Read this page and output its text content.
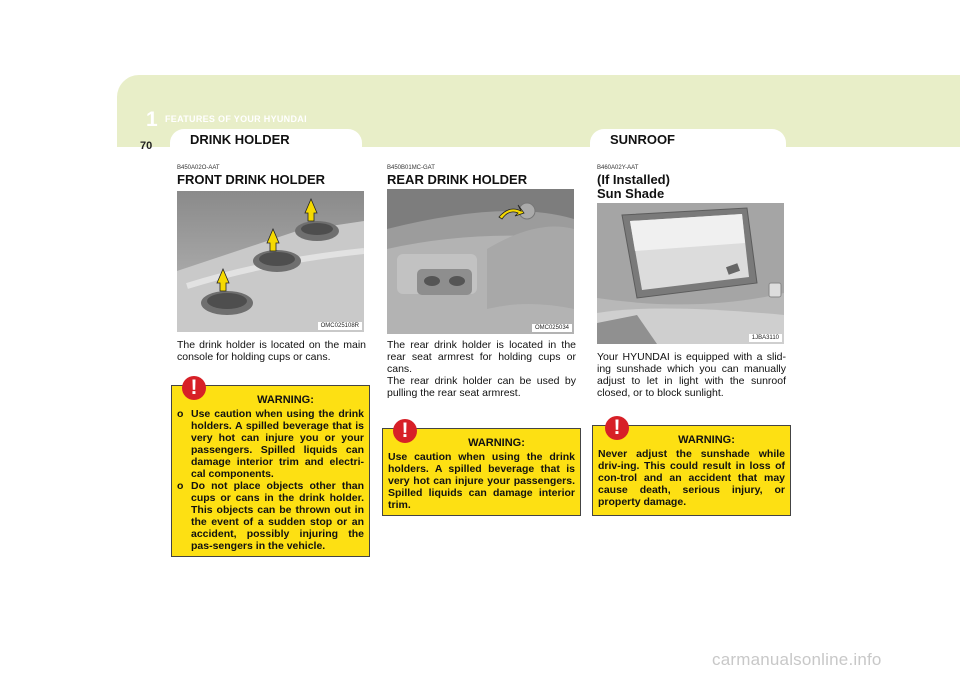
1 FEATURES OF YOUR HYUNDAI
70	DRINK HOLDER	SUNROOF
B450A02O-AAT
FRONT DRINK HOLDER
OMC025108R

The drink holder is located on the main console for holding cups or cans.

!
WARNING:
o Use caution when using the drink holders. A spilled beverage that is very hot can injure you or your passengers. Spilled liquids can damage interior trim and electri-cal components.
o Do not place objects other than cups or cans in the drink holder. This objects can be thrown out in the event of a sudden stop or an accident, possibly injuring the pas-sengers in the vehicle.
B450B01MC-GAT
REAR DRINK HOLDER
OMC025034

The rear drink holder is located in the rear seat armrest for holding cups or cans.

The rear drink holder can be used by pulling the rear seat armrest.

!
WARNING:
Use caution when using the drink holders. A spilled beverage that is very hot can injure your passengers. Spilled liquids can damage interior trim.
B460A02Y-AAT
(If Installed)
Sun Shade
1JBA3110

Your HYUNDAI is equipped with a slid-ing sunshade which you can manually adjust to let in light with the sunroof closed, or to block sunlight.

!
WARNING:
Never adjust the sunshade while driv-ing. This could result in loss of con-trol and an accident that may cause death, serious injury, or property damage.
carmanualsonline.info
